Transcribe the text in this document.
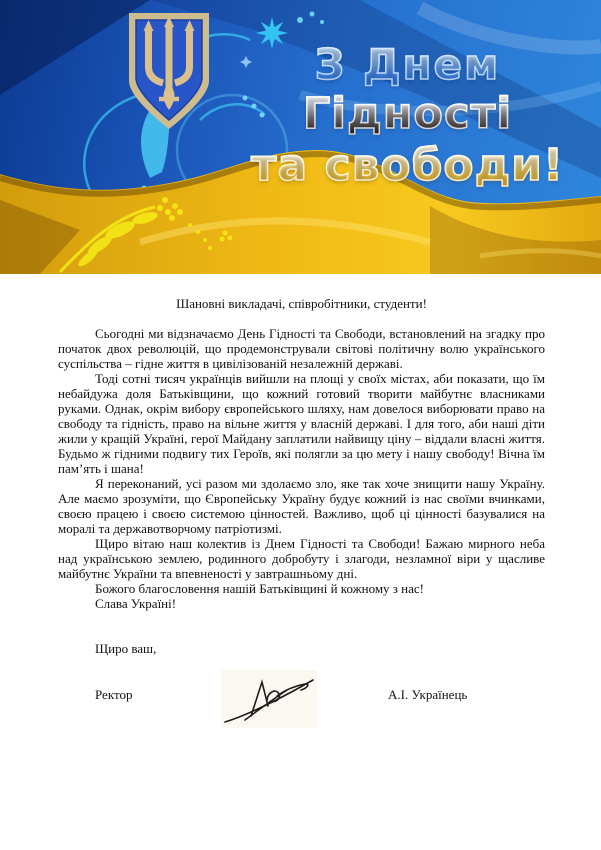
З Днем
Гідності
та свободи!

Шановні викладачі, співробітники, студенти!

Сьогодні ми відзначаємо День Гідності та Свободи, встановлений на згадку про початок двох революцій, що продемонстрували світові політичну волю українського суспільства – гідне життя в цивілізованій незалежній державі.

Тоді сотні тисяч українців вийшли на площі у своїх містах, аби показати, що їм небайдужа доля Батьківщини, що кожний готовий творити майбутнє власниками руками. Однак, окрім вибору європейського шляху, нам довелося виборювати право на свободу та гідність, право на вільне життя у власній державі. І для того, аби наші діти жили у кращій Україні, герої Майдану заплатили найвищу ціну – віддали власні життя. Будьмо ж гідними подвигу тих Героїв, які полягли за цю мету і нашу свободу! Вічна їм пам’ять і шана!

Я переконаний, усі разом ми здолаємо зло, яке так хоче знищити нашу Україну. Але маємо зрозуміти, що Європейську Україну будує кожний із нас своїми вчинками, своєю працею і своєю системою цінностей. Важливо, щоб ці цінності базувалися на моралі та державотворчому патріотизмі.

Щиро вітаю наш колектив із Днем Гідності та Свободи! Бажаю мирного неба над українською землею, родинного добробуту і злагоди, незламної віри у щасливе майбутнє України та впевненості у завтрашньому дні.

Божого благословення нашій Батьківщині й кожному з нас!

Слава Україні!

Щиро ваш,

Ректор	А.І. Українець
